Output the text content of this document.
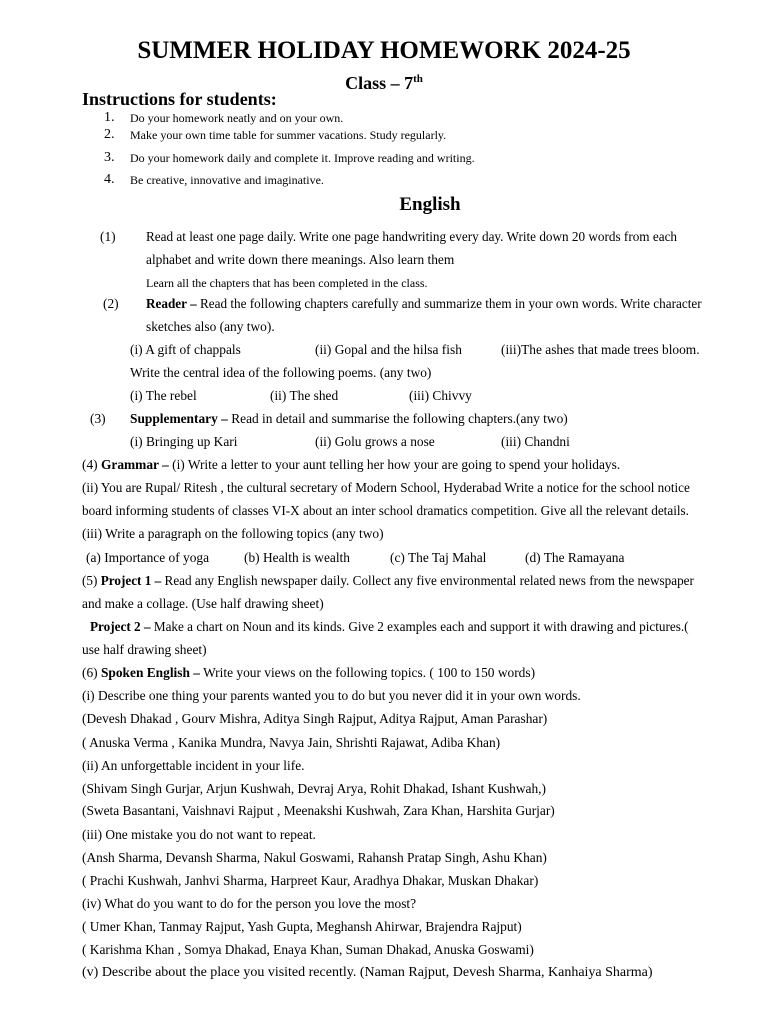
SUMMER HOLIDAY HOMEWORK 2024-25
Class – 7th
Instructions for students:
1. Do your homework neatly and on your own.
2. Make your own time table for summer vacations. Study regularly.
3. Do your homework daily and complete it. Improve reading and writing.
4. Be creative, innovative and imaginative.
English
(1) Read at least one page daily. Write one page handwriting every day. Write down 20 words from each
alphabet and write down there meanings. Also learn them
Learn all the chapters that has been completed in the class.
(2) Reader – Read the following chapters carefully and summarize them in your own words. Write character
sketches also (any two).
(i) A gift of chappals	(ii) Gopal and the hilsa fish	(iii)The ashes that made trees bloom.
Write the central idea of the following poems. (any two)
(i) The rebel	(ii) The shed	(iii) Chivvy
(3) Supplementary – Read in detail and summarise the following chapters.(any two)
(i) Bringing up Kari	(ii) Golu grows a nose	(iii) Chandni
(4) Grammar – (i) Write a letter to your aunt telling her how your are going to spend your holidays.
(ii) You are Rupal/ Ritesh , the cultural secretary of Modern School, Hyderabad Write a notice for the school notice
board informing students of classes VI-X about an inter school dramatics competition. Give all the relevant details.
(iii) Write a paragraph on the following topics (any two)
(a) Importance of yoga	(b) Health is wealth	(c) The Taj Mahal	(d) The Ramayana
(5) Project 1 – Read any English newspaper daily. Collect any five environmental related news from the newspaper
and make a collage. (Use half drawing sheet)
Project 2 – Make a chart on Noun and its kinds. Give 2 examples each and support it with drawing and pictures.(
use half drawing sheet)
(6) Spoken English – Write your views on the following topics. ( 100 to 150 words)
(i) Describe one thing your parents wanted you to do but you never did it in your own words.
(Devesh Dhakad , Gourv Mishra, Aditya Singh Rajput, Aditya Rajput, Aman Parashar)
( Anuska Verma , Kanika Mundra, Navya Jain, Shrishti Rajawat, Adiba Khan)
(ii) An unforgettable incident in your life.
(Shivam Singh Gurjar, Arjun Kushwah, Devraj Arya, Rohit Dhakad, Ishant Kushwah,)
(Sweta Basantani, Vaishnavi Rajput , Meenakshi Kushwah, Zara Khan, Harshita Gurjar)
(iii) One mistake you do not want to repeat.
(Ansh Sharma, Devansh Sharma, Nakul Goswami, Rahansh Pratap Singh, Ashu Khan)
( Prachi Kushwah, Janhvi Sharma, Harpreet Kaur, Aradhya Dhakar, Muskan Dhakar)
(iv) What do you want to do for the person you love the most?
( Umer Khan, Tanmay Rajput, Yash Gupta, Meghansh Ahirwar, Brajendra Rajput)
( Karishma Khan , Somya Dhakad, Enaya Khan, Suman Dhakad, Anuska Goswami)
(v) Describe about the place you visited recently. (Naman Rajput, Devesh Sharma, Kanhaiya Sharma)
